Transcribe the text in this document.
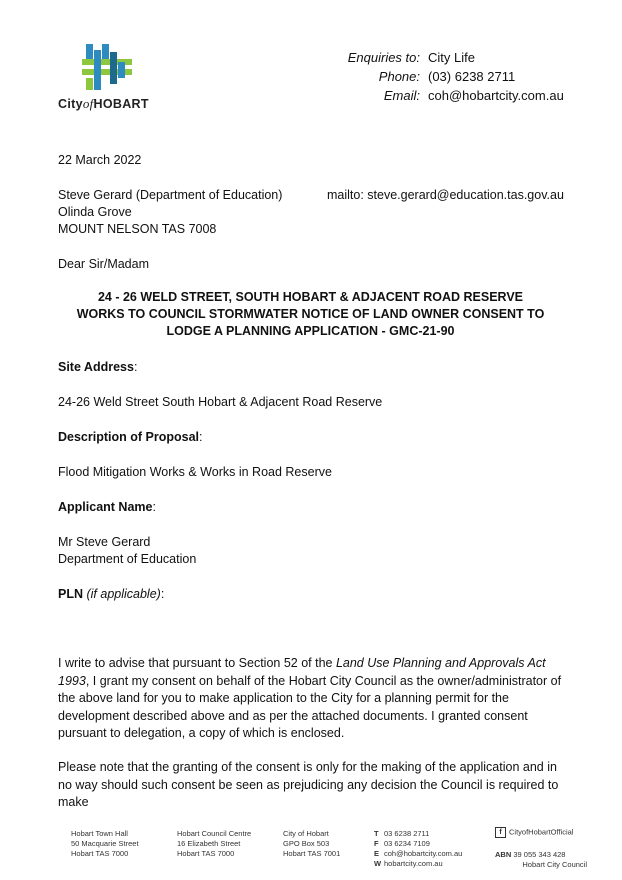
CityofHOBART
Enquiries to: City Life
Phone: (03) 6238 2711
Email: coh@hobartcity.com.au
22 March 2022
Steve Gerard (Department of Education)	mailto: steve.gerard@education.tas.gov.au
Olinda Grove
MOUNT NELSON TAS 7008
Dear Sir/Madam
24 - 26 WELD STREET, SOUTH HOBART & ADJACENT ROAD RESERVE
WORKS TO COUNCIL STORMWATER NOTICE OF LAND OWNER CONSENT TO
LODGE A PLANNING APPLICATION - GMC-21-90
Site Address:
24-26 Weld Street South Hobart & Adjacent Road Reserve
Description of Proposal:
Flood Mitigation Works & Works in Road Reserve
Applicant Name:
Mr Steve Gerard
Department of Education
PLN (if applicable):
I write to advise that pursuant to Section 52 of the Land Use Planning and Approvals Act 1993, I grant my consent on behalf of the Hobart City Council as the owner/administrator of the above land for you to make application to the City for a planning permit for the development described above and as per the attached documents. I granted consent pursuant to delegation, a copy of which is enclosed.
Please note that the granting of the consent is only for the making of the application and in no way should such consent be seen as prejudicing any decision the Council is required to make
Hobart Town Hall
50 Macquarie Street
Hobart TAS 7000
Hobart Council Centre
16 Elizabeth Street
Hobart TAS 7000
City of Hobart
GPO Box 503
Hobart TAS 7001
T 03 6238 2711
F 03 6234 7109
E coh@hobartcity.com.au
W hobartcity.com.au
f CityofHobartOfficial
ABN 39 055 343 428
Hobart City Council
